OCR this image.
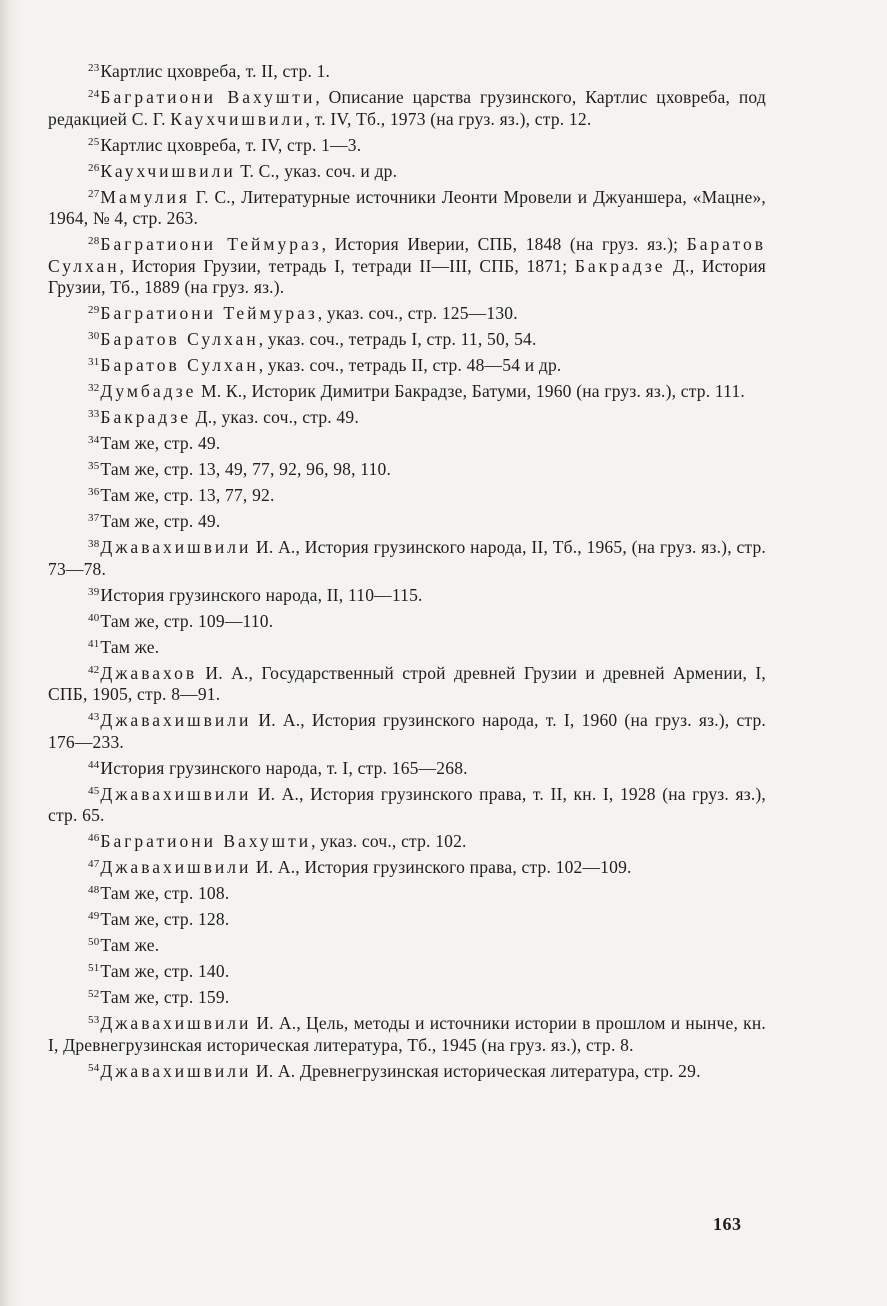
$^{23}$Картлис цховреба, т. II, стр. 1.

$^{24}$Багратиони Вахушти, Описание царства грузинского, Картлис цховреба, под редакцией С. Г. Каухчишвили, т. IV, Тб., 1973 (на груз. яз.), стр. 12.

$^{25}$Картлис цховреба, т. IV, стр. 1—3.

$^{26}$Каухчишвили Т. С., указ. соч. и др.

$^{27}$Мамулия Г. С., Литературные источники Леонти Мровели и Джуаншера, «Мацне», 1964, № 4, стр. 263.

$^{28}$Багратиони Теймураз, История Иверии, СПБ, 1848 (на груз. яз.); Баратов Сулхан, История Грузии, тетрадь I, тетради II—III, СПБ, 1871; Бакрадзе Д., История Грузии, Тб., 1889 (на груз. яз.).

$^{29}$Багратиони Теймураз, указ. соч., стр. 125—130.

$^{30}$Баратов Сулхан, указ. соч., тетрадь I, стр. 11, 50, 54.

$^{31}$Баратов Сулхан, указ. соч., тетрадь II, стр. 48—54 и др.

$^{32}$Думбадзе М. К., Историк Димитри Бакрадзе, Батуми, 1960 (на груз. яз.), стр. 111.

$^{33}$Бакрадзе Д., указ. соч., стр. 49.

$^{34}$Там же, стр. 49.

$^{35}$Там же, стр. 13, 49, 77, 92, 96, 98, 110.

$^{36}$Там же, стр. 13, 77, 92.

$^{37}$Там же, стр. 49.

$^{38}$Джавахишвили И. А., История грузинского народа, II, Тб., 1965, (на груз. яз.), стр. 73—78.

$^{39}$История грузинского народа, II, 110—115.

$^{40}$Там же, стр. 109—110.

$^{41}$Там же.

$^{42}$Джавахов И. А., Государственный строй древней Грузии и древней Армении, I, СПБ, 1905, стр. 8—91.

$^{43}$Джавахишвили И. А., История грузинского народа, т. I, 1960 (на груз. яз.), стр. 176—233.

$^{44}$История грузинского народа, т. I, стр. 165—268.

$^{45}$Джавахишвили И. А., История грузинского права, т. II, кн. I, 1928 (на груз. яз.), стр. 65.

$^{46}$Багратиони Вахушти, указ. соч., стр. 102.

$^{47}$Джавахишвили И. А., История грузинского права, стр. 102—109.

$^{48}$Там же, стр. 108.

$^{49}$Там же, стр. 128.

$^{50}$Там же.

$^{51}$Там же, стр. 140.

$^{52}$Там же, стр. 159.

$^{53}$Джавахишвили И. А., Цель, методы и источники истории в прошлом и нынче, кн. I, Древнегрузинская историческая литература, Тб., 1945 (на груз. яз.), стр. 8.

$^{54}$Джавахишвили И. А. Древнегрузинская историческая литература, стр. 29.

163
